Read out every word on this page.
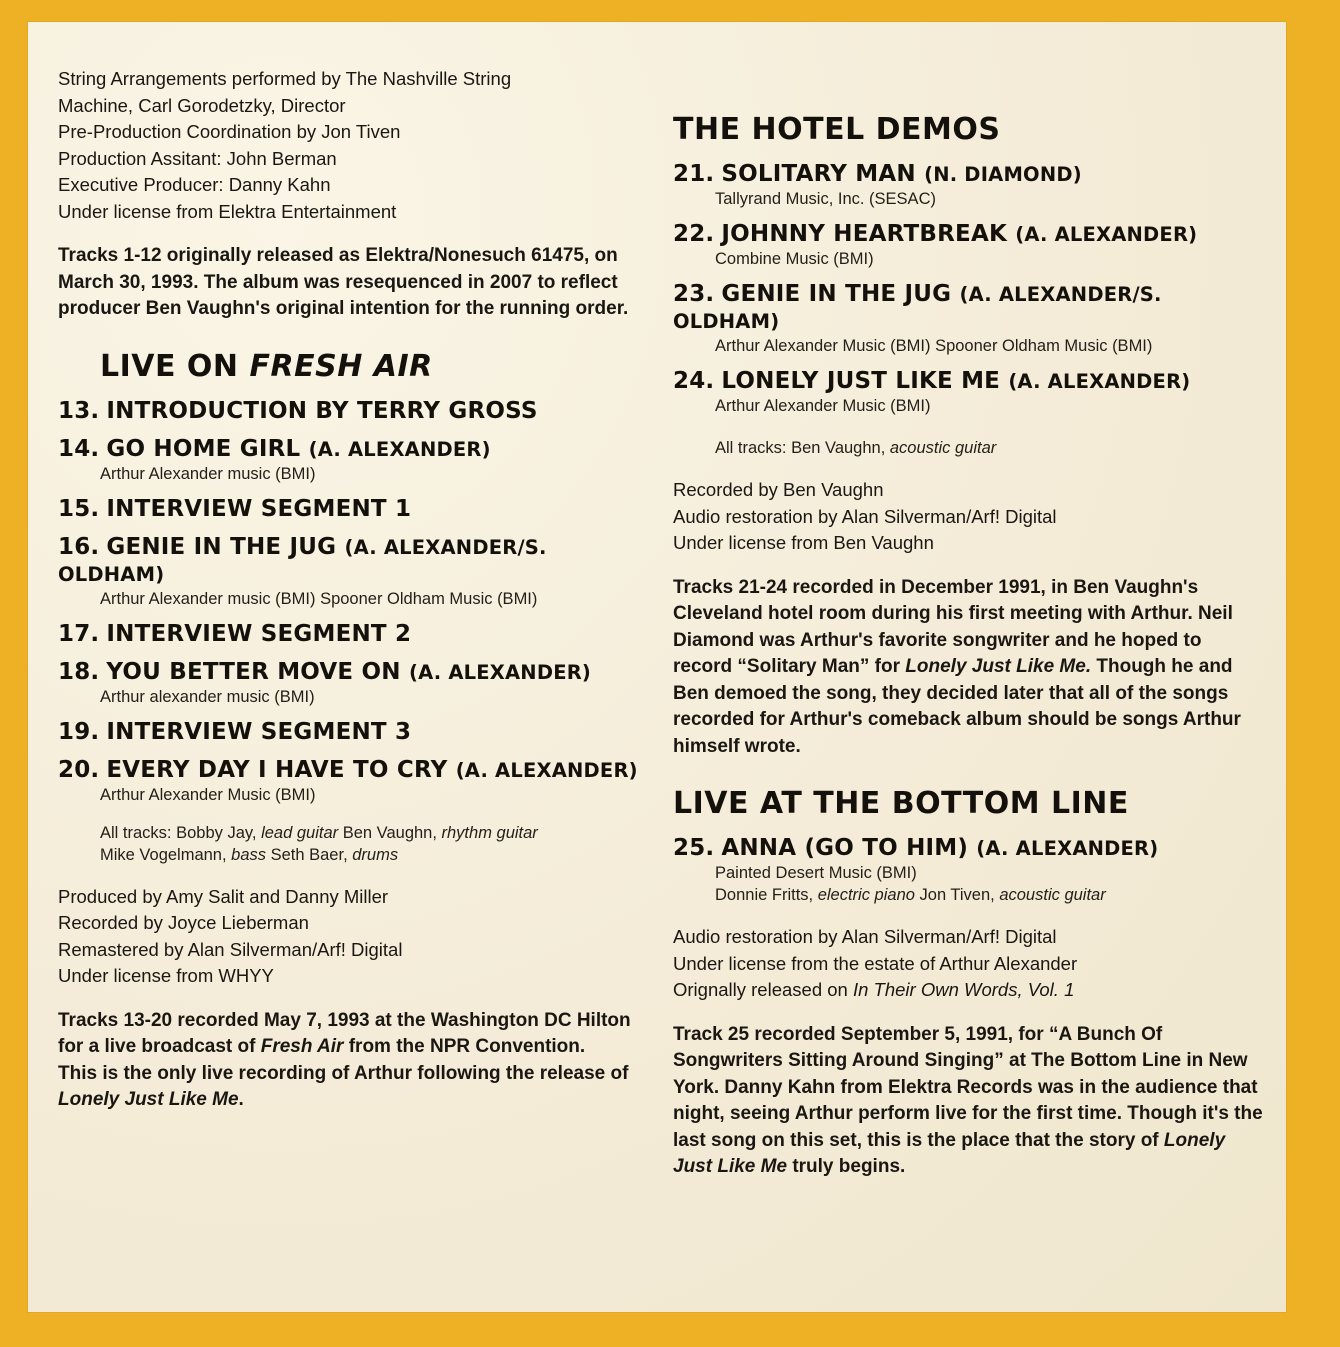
String Arrangements performed by The Nashville String
Machine, Carl Gorodetzky, Director
Pre-Production Coordination by Jon Tiven
Production Assitant: John Berman
Executive Producer: Danny Kahn
Under license from Elektra Entertainment
Tracks 1-12 originally released as Elektra/Nonesuch 61475, on March 30, 1993. The album was resequenced in 2007 to reflect producer Ben Vaughn's original intention for the running order.
LIVE ON FRESH AIR
13. INTRODUCTION BY TERRY GROSS
14. GO HOME GIRL (A. ALEXANDER)
Arthur Alexander music (BMI)
15. INTERVIEW SEGMENT 1
16. GENIE IN THE JUG (A. ALEXANDER/S. OLDHAM)
Arthur Alexander music (BMI) Spooner Oldham Music (BMI)
17. INTERVIEW SEGMENT 2
18. YOU BETTER MOVE ON (A. ALEXANDER)
Arthur alexander music (BMI)
19. INTERVIEW SEGMENT 3
20. EVERY DAY I HAVE TO CRY (A. ALEXANDER)
Arthur Alexander Music (BMI)
All tracks: Bobby Jay, lead guitar Ben Vaughn, rhythm guitar
Mike Vogelmann, bass Seth Baer, drums
Produced by Amy Salit and Danny Miller
Recorded by Joyce Lieberman
Remastered by Alan Silverman/Arf! Digital
Under license from WHYY
Tracks 13-20 recorded May 7, 1993 at the Washington DC Hilton for a live broadcast of Fresh Air from the NPR Convention.
This is the only live recording of Arthur following the release of Lonely Just Like Me.
THE HOTEL DEMOS
21. SOLITARY MAN (N. DIAMOND)
Tallyrand Music, Inc. (SESAC)
22. JOHNNY HEARTBREAK (A. ALEXANDER)
Combine Music (BMI)
23. GENIE IN THE JUG (A. ALEXANDER/S. OLDHAM)
Arthur Alexander Music (BMI) Spooner Oldham Music (BMI)
24. LONELY JUST LIKE ME (A. ALEXANDER)
Arthur Alexander Music (BMI)
All tracks: Ben Vaughn, acoustic guitar
Recorded by Ben Vaughn
Audio restoration by Alan Silverman/Arf! Digital
Under license from Ben Vaughn
Tracks 21-24 recorded in December 1991, in Ben Vaughn's Cleveland hotel room during his first meeting with Arthur. Neil Diamond was Arthur's favorite songwriter and he hoped to record “Solitary Man” for Lonely Just Like Me. Though he and Ben demoed the song, they decided later that all of the songs recorded for Arthur's comeback album should be songs Arthur himself wrote.
LIVE AT THE BOTTOM LINE
25. ANNA (GO TO HIM) (A. ALEXANDER)
Painted Desert Music (BMI)
Donnie Fritts, electric piano Jon Tiven, acoustic guitar
Audio restoration by Alan Silverman/Arf! Digital
Under license from the estate of Arthur Alexander
Orignally released on In Their Own Words, Vol. 1
Track 25 recorded September 5, 1991, for “A Bunch Of Songwriters Sitting Around Singing” at The Bottom Line in New York. Danny Kahn from Elektra Records was in the audience that night, seeing Arthur perform live for the first time. Though it's the last song on this set, this is the place that the story of Lonely Just Like Me truly begins.
